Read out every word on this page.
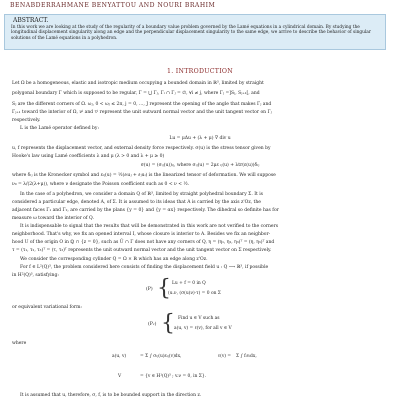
BENABDERRAHMANE BENYATTOU AND NOURI BRAHIM
ABSTRACT.
In this work we are looking at the study of the regularity of a boundary value problem governed by the Lamé equations in a cylindrical domain. By studying the longitudinal displacement singularity along an edge and the perpendicular displacement singularity to the same edge, we arrive to describe the behavior of singular solutions of the Lamé equations in a polyhedron.
1. INTRODUCTION
Let Ω be a homogeneous, elastic and isotropic medium occupying a bounded domain in ℝ³, limited by straight
polygonal boundary Γ which is supposed to be regular, Γ = ⋃ Γⱼ, Γᵢ ∩ Γⱼ = ∅, ∀i ≠ j, where Γⱼ =]Sⱼ, Sⱼ₊₁[, and
Sⱼ are the different corners of Ω. ωⱼ, 0 < ωⱼ ≤ 2π, j = 0, …, J represent the opening of the angle that makes Γⱼ and
Γⱼ₊₁ toward the interior of Ω, νʲ and τʲ represent the unit outward normal vector and the unit tangent vector on Γⱼ
respectively.
L is the Lamé operator defined by:
Lu = μΔu + (λ + μ) ∇ div u
u, f represents the displacement vector, and external density force respectively. σ(u) is the stress tensor given by
Hooke's law using Lamé coefficients λ and μ (λ > 0 and λ + μ ≥ 0)
σ(u) = (σᵢⱼ(u))ᵢⱼ, where σᵢⱼ(u) = 2με ᵢⱼ(u) + λtr(ε(u))δᵢⱼ
where δᵢⱼ is the Kronecker symbol and εᵢⱼ(u) = ½(∂ᵢuⱼ + ∂ⱼuᵢ) is the linearized tensor of deformation. We will suppose
ν₀ = λ/(2(λ+μ)), where ν designate the Poisson coefficient such as 0 < ν < ½.
In the case of a polyhedron, we consider a domain Q of ℝ³, limited by straight polyhedral boundary Σ. It is
considered a particular edge, denoted A, of Σ. It is assumed to its ideas that A is carried by the axis z'Oz, the
adjacent faces Γ₁ and Γ₂, are carried by the plans {y = 0} and {y = αx} respectively. The dihedral so definite has for
measure ω toward the interior of Q.
It is indispensable to signal that the results that will be demonstrated in this work are not verified to the corners
neighborhood. That's why, we fix an opened interval I, whose closure is interior to A. Besides we fix an neighbor-
hood U of the origin O in ℚ ∩ {z = 0}, such as Ū ∩ Γ does not have any corners of Q, η = (η₁, η₂, η₃)ᵀ = (η, η₃)ᵀ and
τ = (τ₁, τ₂, τ₃)ᵀ = (τ, τ₃)ᵀ represents the unit outward normal vector and the unit tangent vector on Σ respectively.
We consider the corresponding cylinder Q = Ω × ℝ which has an edge along z'Oz.
For f ∈ L²(Q)³, the problem considered here consists of finding the displacement field u : Q ⟶ ℝ³, if possible
in H²(Q)³, satisfying:
(P) { Lu + f = 0 in Q
(u.ν, (σ(u)ν)·τ) = 0 on Σ
or equivalent variational form:
(Pᵥ) { Find u ∈ V such as
a(u, v) = ℓ(v), for all v ∈ V
where
a(u, v)	= Σ ∫ σᵢⱼ(u)εᵢⱼ(v)dx,	ℓ(v) = Σ ∫ fᵢvᵢdx,
V	= {v ∈ H¹(Q)³ ; v.ν = 0, in Σ}.
It is assumed that u, therefore, σ, f, is to be bounded support in the direction z.
